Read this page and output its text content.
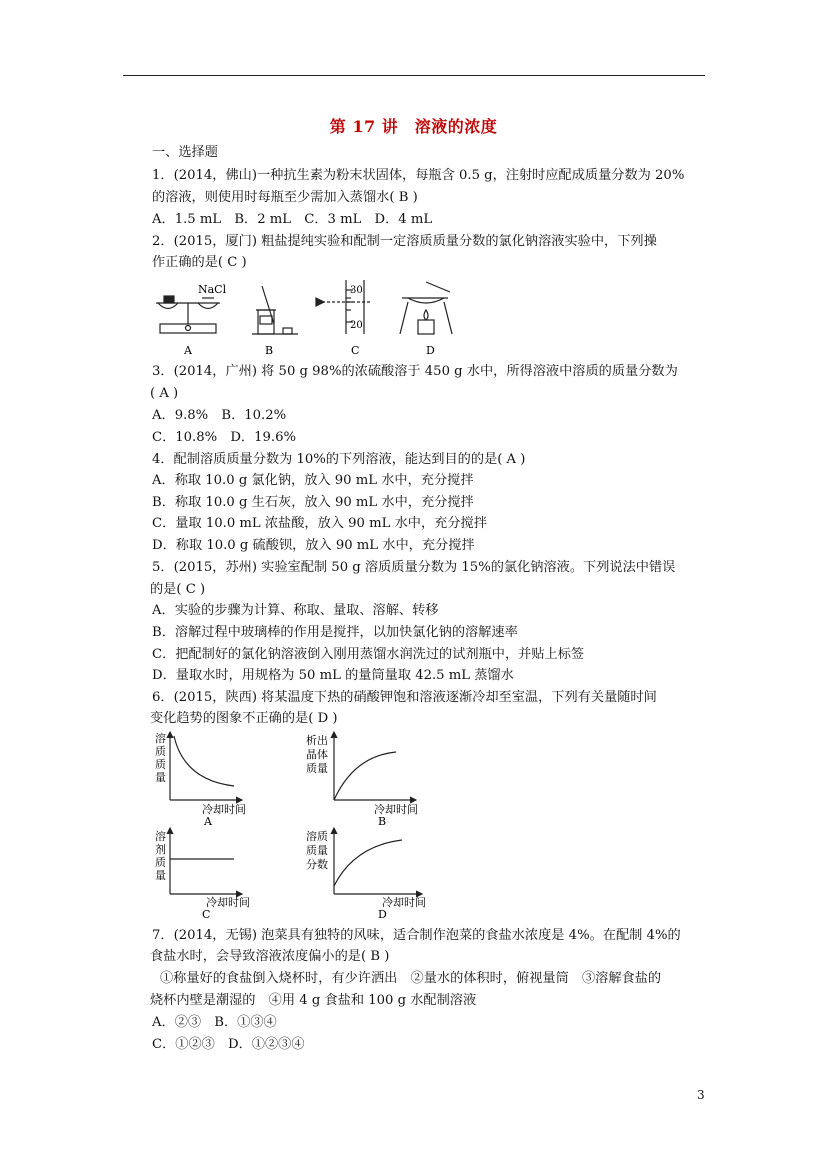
第 17 讲　溶液的浓度
一、选择题
1．(2014，佛山)一种抗生素为粉末状固体，每瓶含 0.5 g，注射时应配成质量分数为 20%
的溶液，则使用时每瓶至少需加入蒸馏水( B )
A．1.5 mL　B．2 mL　C．3 mL　D．4 mL
2．(2015，厦门) 粗盐提纯实验和配制一定溶质质量分数的氯化钠溶液实验中，下列操
作正确的是( C )
NaCl
A	B
30
20
C	D
3．(2014，广州) 将 50 g 98%的浓硫酸溶于 450 g 水中，所得溶液中溶质的质量分数为
( A )
A．9.8%　B．10.2%
C．10.8%　D．19.6%
4．配制溶质质量分数为 10%的下列溶液，能达到目的的是( A )
A．称取 10.0 g 氯化钠，放入 90 mL 水中，充分搅拌
B．称取 10.0 g 生石灰，放入 90 mL 水中，充分搅拌
C．量取 10.0 mL 浓盐酸，放入 90 mL 水中，充分搅拌
D．称取 10.0 g 硫酸钡，放入 90 mL 水中，充分搅拌
5．(2015，苏州) 实验室配制 50 g 溶质质量分数为 15%的氯化钠溶液。下列说法中错误
的是( C )
A．实验的步骤为计算、称取、量取、溶解、转移
B．溶解过程中玻璃棒的作用是搅拌，以加快氯化钠的溶解速率
C．把配制好的氯化钠溶液倒入刚用蒸馏水润洗过的试剂瓶中，并贴上标签
D．量取水时，用规格为 50 mL 的量筒量取 42.5 mL 蒸馏水
6．(2015，陕西) 将某温度下热的硝酸钾饱和溶液逐渐冷却至室温，下列有关量随时间
变化趋势的图象不正确的是( D )
溶
质
质
量
冷却时间
A
析出
晶体
质量
冷却时间
B
溶
剂
质
量
冷却时间
C
溶质
质量
分数
冷却时间
D
7．(2014，无锡) 泡菜具有独特的风味，适合制作泡菜的食盐水浓度是 4%。在配制 4%的
食盐水时，会导致溶液浓度偏小的是( B )
①称量好的食盐倒入烧杯时，有少许洒出　②量水的体积时，俯视量筒　③溶解食盐的
烧杯内壁是潮湿的　④用 4 g 食盐和 100 g 水配制溶液
A．②③　B．①③④
C．①②③　D．①②③④
3
